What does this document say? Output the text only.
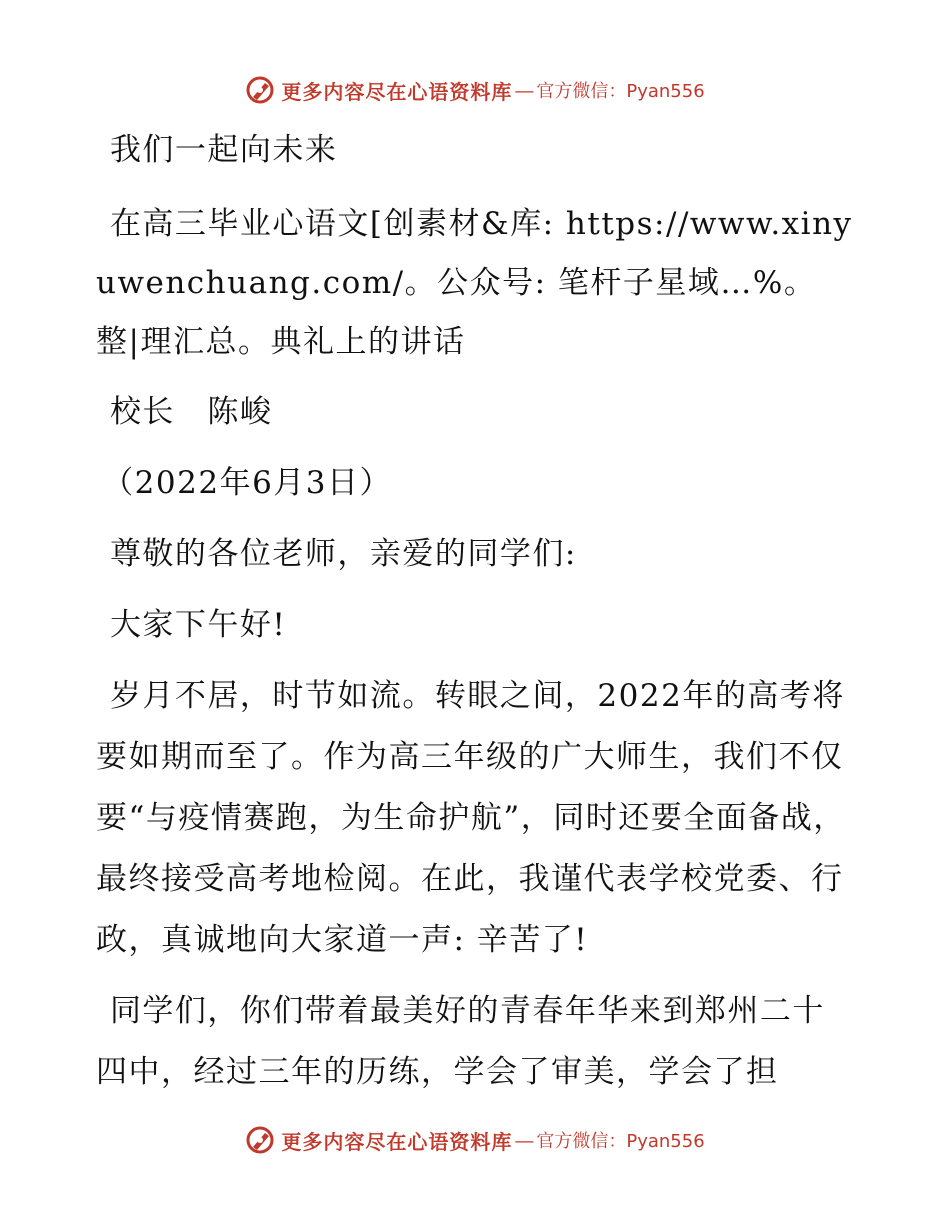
更多内容尽在心语资料库 — 官方微信：Pyan556

我们一起向未来

在高三毕业心语文[创素材&库: https://www.xinyuwenchuang.com/。公众号: 笔杆子星域…%。整|理汇总。典礼上的讲话

校长　陈峻

（2022年6月3日）

尊敬的各位老师，亲爱的同学们:

大家下午好!

岁月不居，时节如流。转眼之间，2022年的高考将要如期而至了。作为高三年级的广大师生，我们不仅要“与疫情赛跑，为生命护航”，同时还要全面备战，最终接受高考地检阅。在此，我谨代表学校党委、行政，真诚地向大家道一声: 辛苦了!

同学们，你们带着最美好的青春年华来到郑州二十四中，经过三年的历练，学会了审美，学会了担

更多内容尽在心语资料库 — 官方微信：Pyan556
